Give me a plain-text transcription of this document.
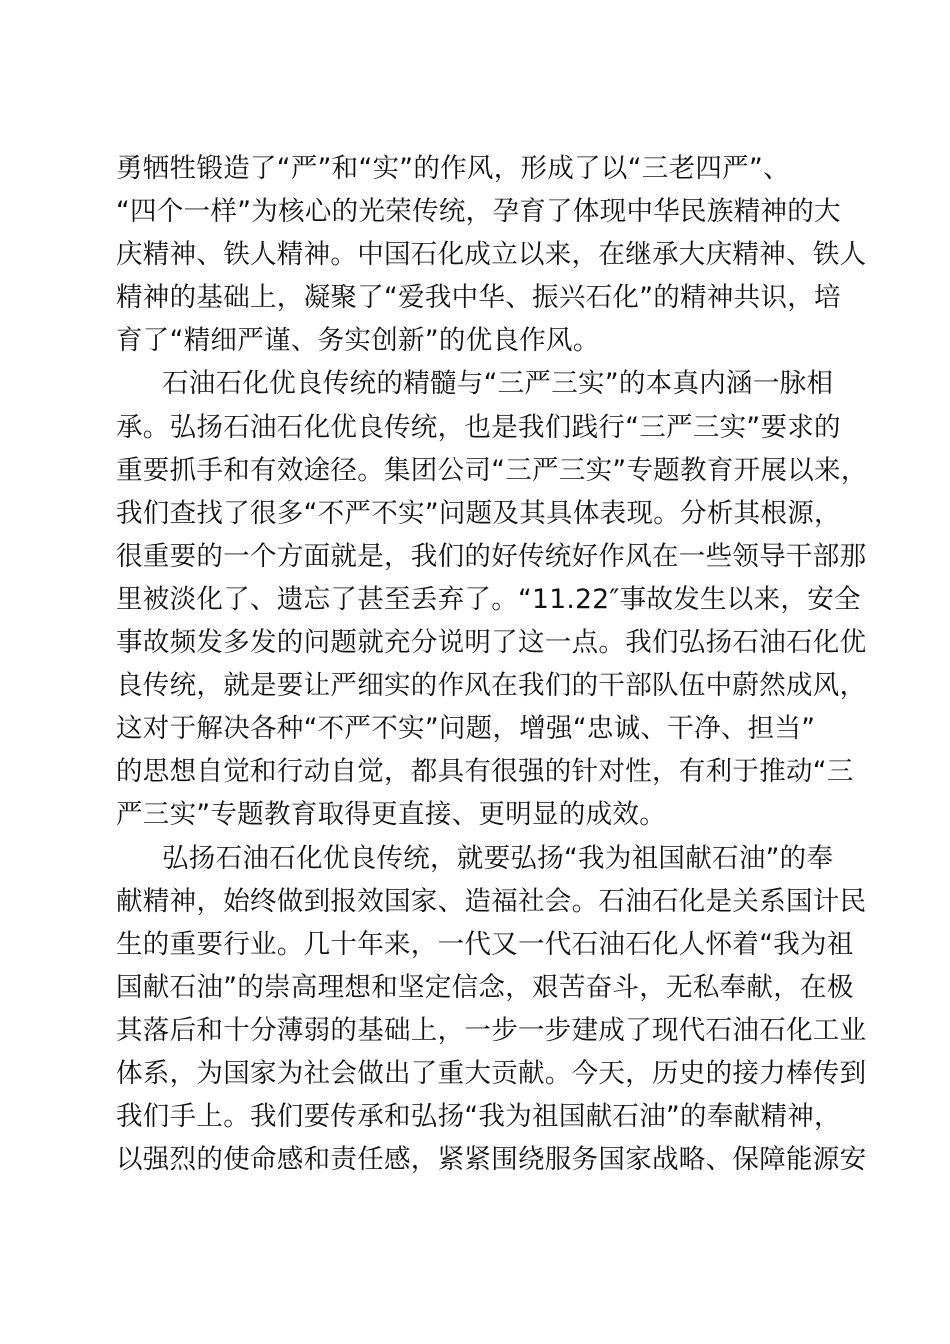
勇牺牲锻造了“严”和“实”的作风，形成了以“三老四严”、
“四个一样”为核心的光荣传统，孕育了体现中华民族精神的大
庆精神、铁人精神。中国石化成立以来，在继承大庆精神、铁人
精神的基础上，凝聚了“爱我中华、振兴石化”的精神共识，培
育了“精细严谨、务实创新”的优良作风。
石油石化优良传统的精髓与“三严三实”的本真内涵一脉相
承。弘扬石油石化优良传统，也是我们践行“三严三实”要求的
重要抓手和有效途径。集团公司“三严三实”专题教育开展以来，
我们查找了很多“不严不实”问题及其具体表现。分析其根源，
很重要的一个方面就是，我们的好传统好作风在一些领导干部那
里被淡化了、遗忘了甚至丢弃了。“11.22″事故发生以来，安全
事故频发多发的问题就充分说明了这一点。我们弘扬石油石化优
良传统，就是要让严细实的作风在我们的干部队伍中蔚然成风，
这对于解决各种“不严不实”问题，增强“忠诚、干净、担当”
的思想自觉和行动自觉，都具有很强的针对性，有利于推动“三
严三实”专题教育取得更直接、更明显的成效。
弘扬石油石化优良传统，就要弘扬“我为祖国献石油”的奉
献精神，始终做到报效国家、造福社会。石油石化是关系国计民
生的重要行业。几十年来，一代又一代石油石化人怀着“我为祖
国献石油”的崇高理想和坚定信念，艰苦奋斗，无私奉献，在极
其落后和十分薄弱的基础上，一步一步建成了现代石油石化工业
体系，为国家为社会做出了重大贡献。今天，历史的接力棒传到
我们手上。我们要传承和弘扬“我为祖国献石油”的奉献精神，
以强烈的使命感和责任感，紧紧围绕服务国家战略、保障能源安
